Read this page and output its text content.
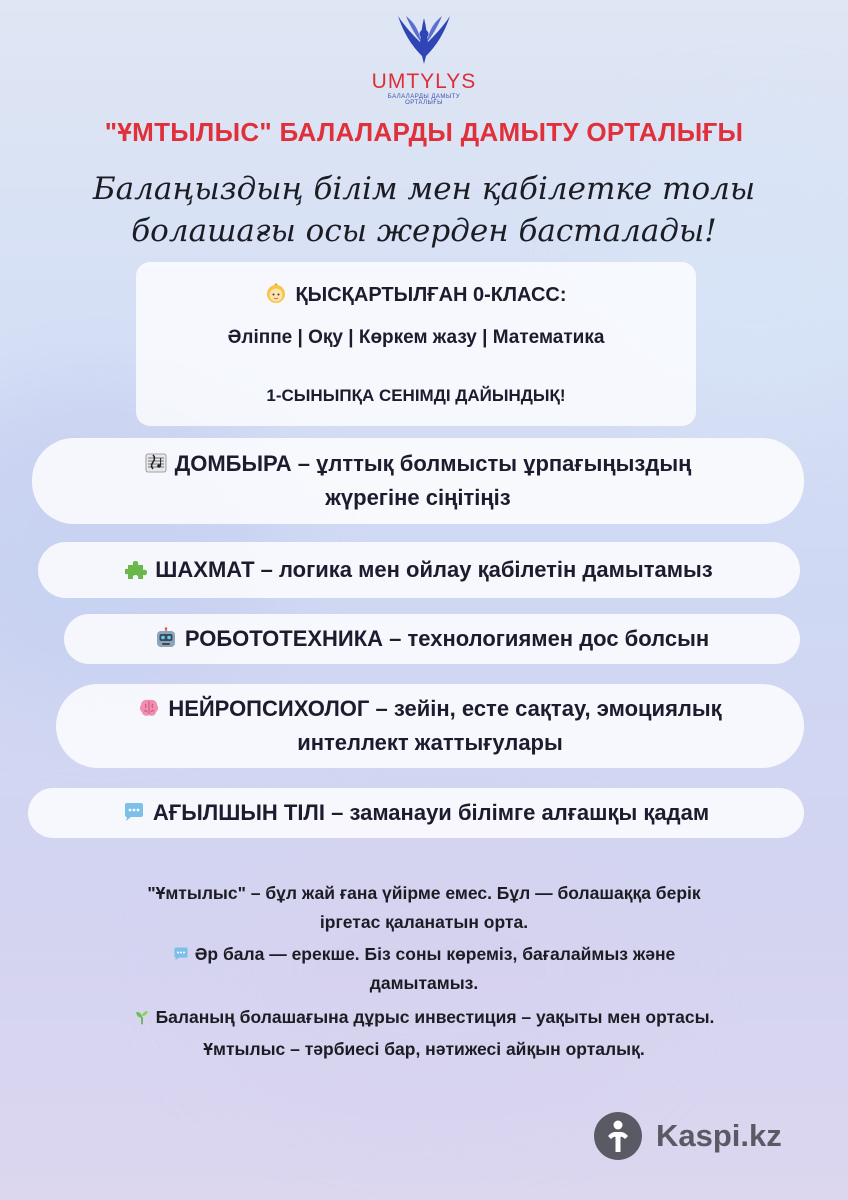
UMTYLYS
БАЛАЛАРДЫ ДАМЫТУ ОРТАЛЫҒЫ
"ҰМТЫЛЫС" БАЛАЛАРДЫ ДАМЫТУ ОРТАЛЫҒЫ
Балаңыздың білім мен қабілетке толы
болашағы осы жерден басталады!
ҚЫСҚАРТЫЛҒАН 0-КЛАСС:
Әліппе | Оқу | Көркем жазу | Математика
1-СЫНЫПҚА СЕНІМДІ ДАЙЫНДЫҚ!
ДОМБЫРА – ұлттық болмысты ұрпағыңыздың
жүрегіне сіңітіңіз
ШАХМАТ – логика мен ойлау қабілетін дамытамыз
РОБОТОТЕХНИКА – технологиямен дос болсын
НЕЙРОПСИХОЛОГ – зейін, есте сақтау, эмоциялық
интеллект жаттығулары
АҒЫЛШЫН ТІЛІ – заманауи білімге алғашқы қадам
"Ұмтылыс" – бұл жай ғана үйірме емес. Бұл — болашаққа берік
іргетас қаланатын орта.
Әр бала — ерекше. Біз соны көреміз, бағалаймыз және
дамытамыз.
Баланың болашағына дұрыс инвестиция – уақыты мен ортасы.
Ұмтылыс – тәрбиесі бар, нәтижесі айқын орталық.
Kaspi.kz
